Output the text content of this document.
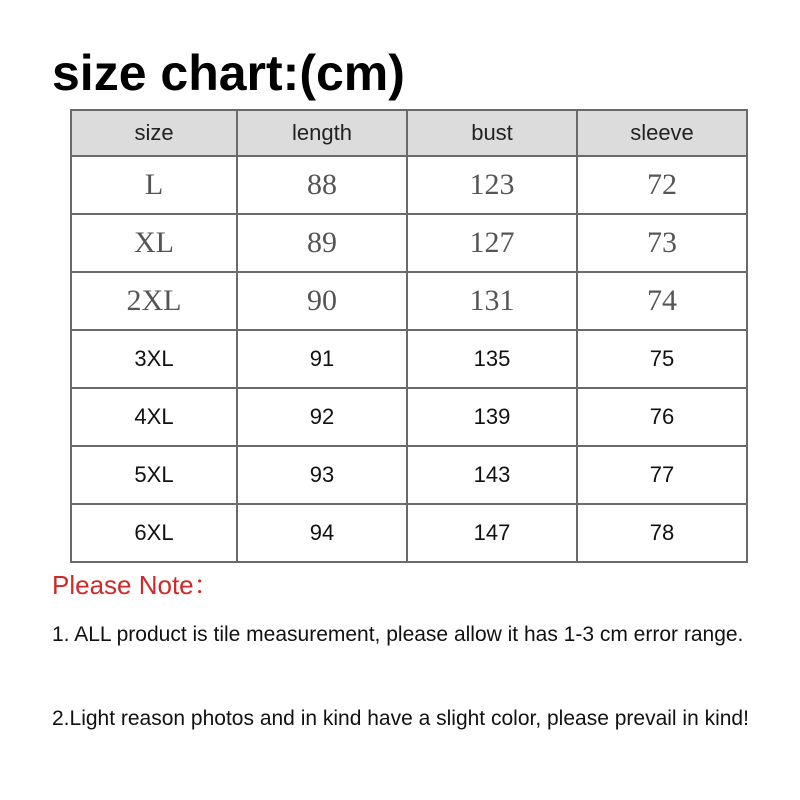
size chart:(cm)
size	length	bust	sleeve
L	88	123	72
XL	89	127	73
2XL	90	131	74
3XL	91	135	75
4XL	92	139	76
5XL	93	143	77
6XL	94	147	78

Please Note：

1. ALL product is tile measurement, please allow it has 1-3 cm error range.

2.Light reason photos and in kind have a slight color, please prevail in kind!
